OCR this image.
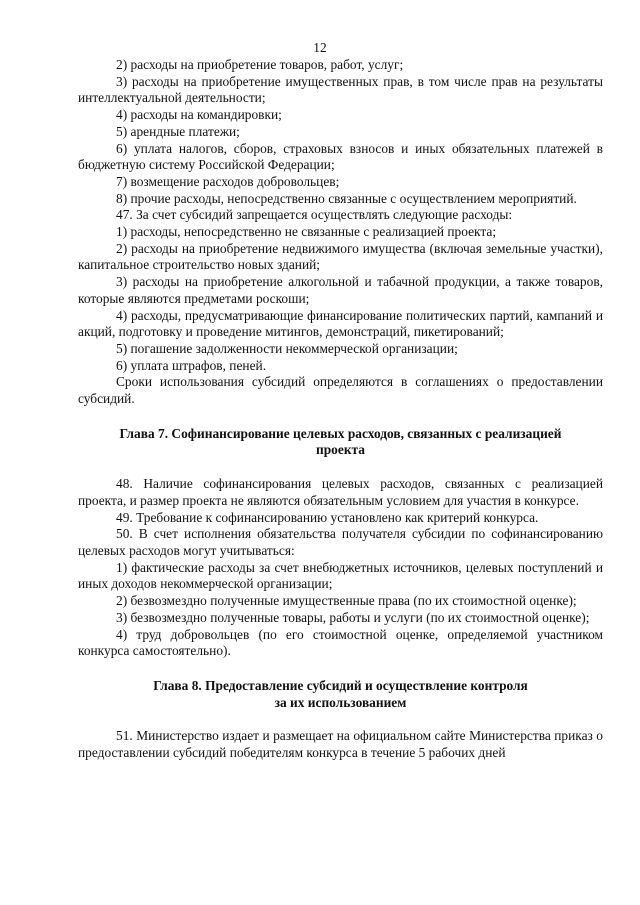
12

2) расходы на приобретение товаров, работ, услуг;

3) расходы на приобретение имущественных прав, в том числе прав на результаты интеллектуальной деятельности;

4) расходы на командировки;

5) арендные платежи;

6) уплата налогов, сборов, страховых взносов и иных обязательных платежей в бюджетную систему Российской Федерации;

7) возмещение расходов добровольцев;

8) прочие расходы, непосредственно связанные с осуществлением мероприятий.

47. За счет субсидий запрещается осуществлять следующие расходы:

1) расходы, непосредственно не связанные с реализацией проекта;

2) расходы на приобретение недвижимого имущества (включая земельные участки), капитальное строительство новых зданий;

3) расходы на приобретение алкогольной и табачной продукции, а также товаров, которые являются предметами роскоши;

4) расходы, предусматривающие финансирование политических партий, кампаний и акций, подготовку и проведение митингов, демонстраций, пикетирований;

5) погашение задолженности некоммерческой организации;

6) уплата штрафов, пеней.

Сроки использования субсидий определяются в соглашениях о предоставлении субсидий.

Глава 7. Софинансирование целевых расходов, связанных с реализацией
проекта

48. Наличие софинансирования целевых расходов, связанных с реализацией проекта, и размер проекта не являются обязательным условием для участия в конкурсе.

49. Требование к софинансированию установлено как критерий конкурса.

50. В счет исполнения обязательства получателя субсидии по софинансированию целевых расходов могут учитываться:

1) фактические расходы за счет внебюджетных источников, целевых поступлений и иных доходов некоммерческой организации;

2) безвозмездно полученные имущественные права (по их стоимостной оценке);

3) безвозмездно полученные товары, работы и услуги (по их стоимостной оценке);

4) труд добровольцев (по его стоимостной оценке, определяемой участником конкурса самостоятельно).

Глава 8. Предоставление субсидий и осуществление контроля
за их использованием

51. Министерство издает и размещает на официальном сайте Министерства приказ о предоставлении субсидий победителям конкурса в течение 5 рабочих дней
